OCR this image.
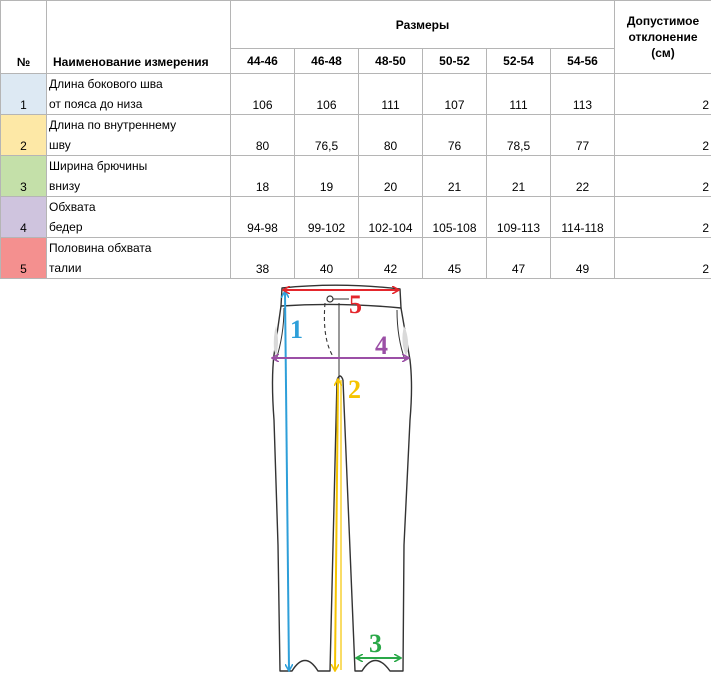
№	Наименование измерения	Размеры						Допустимое
отклонение
(см)

		44-46	46-48	48-50	50-52	52-54	54-56	
1	Длина бокового шва
от пояса до низа	106	106	111	107	111	113	2
2	Длина по внутреннему
шву	80	76,5	80	76	78,5	77	2
3	Ширина брючины
внизу	18	19	20	21	21	22	2
4	Обхвата
бедер	94-98	99-102	102-104	105-108	109-113	114-118	2
5	Половина обхвата
талии	38	40	42	45	47	49	2
1
2
3
4
5
